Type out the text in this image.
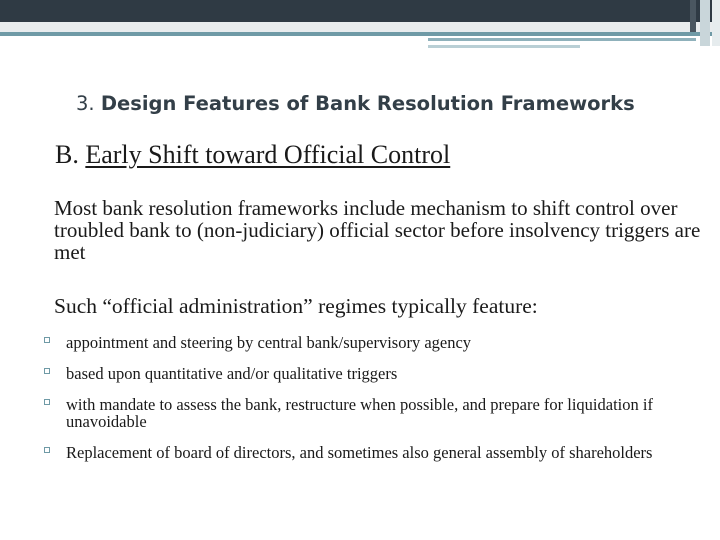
3. Design Features of Bank Resolution Frameworks
B. Early Shift toward Official Control

Most bank resolution frameworks include mechanism to shift control over troubled bank to (non-judiciary) official sector before insolvency triggers are met

Such “official administration” regimes typically feature:

appointment and steering by central bank/supervisory agency
based upon quantitative and/or qualitative triggers
with mandate to assess the bank, restructure when possible, and prepare for liquidation if unavoidable
Replacement of board of directors, and sometimes also general assembly of shareholders
